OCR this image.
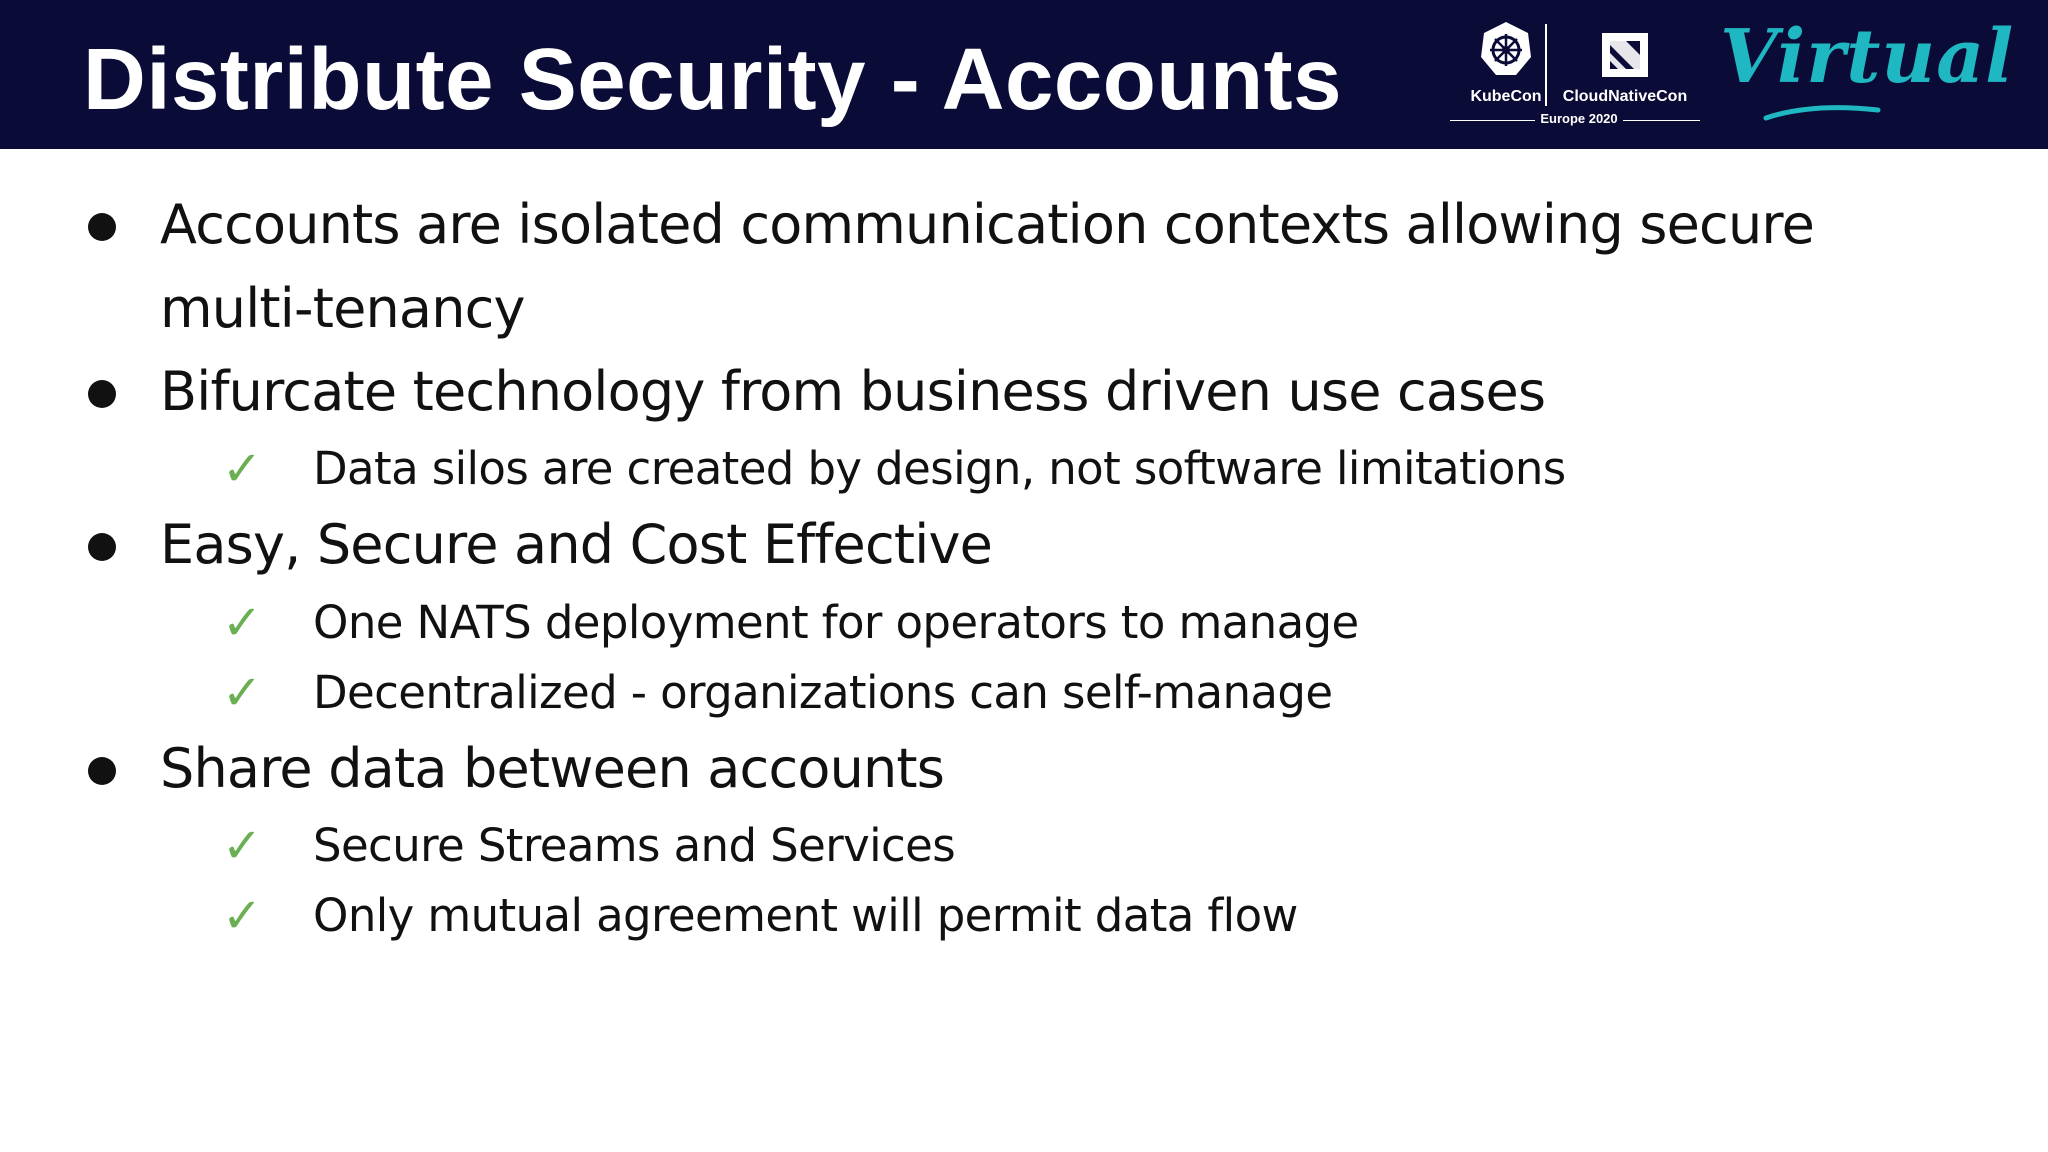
Distribute Security - Accounts	KubeCon	CloudNativeCon
Europe 2020
Virtual
Accounts are isolated communication contexts allowing secure multi-tenancy
Bifurcate technology from business driven use cases
✓ Data silos are created by design, not software limitations
Easy, Secure and Cost Effective
✓ One NATS deployment for operators to manage
✓ Decentralized - organizations can self-manage
Share data between accounts
✓ Secure Streams and Services
✓ Only mutual agreement will permit data flow
